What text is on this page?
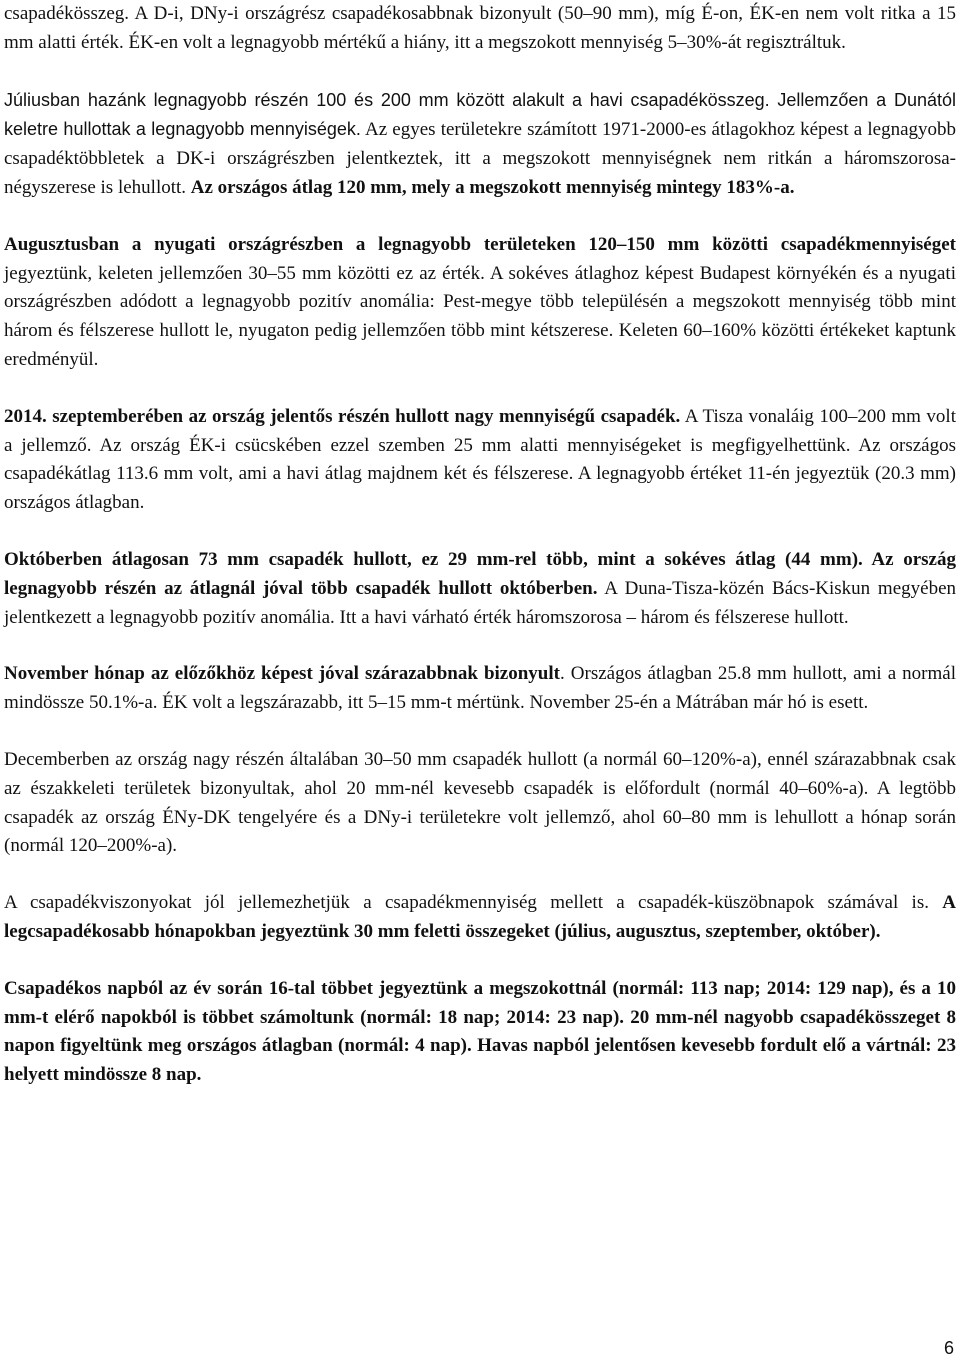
csapadékösszeg. A D-i, DNy-i országrész csapadékosabbnak bizonyult (50–90 mm), míg É-on, ÉK-en nem volt ritka a 15 mm alatti érték. ÉK-en volt a legnagyobb mértékű a hiány, itt a megszokott mennyiség 5–30%-át regisztráltuk.

Júliusban hazánk legnagyobb részén 100 és 200 mm között alakult a havi csapadékösszeg. Jellemzően a Dunától keletre hullottak a legnagyobb mennyiségek. Az egyes területekre számított 1971-2000-es átlagokhoz képest a legnagyobb csapadéktöbbletek a DK-i országrészben jelentkeztek, itt a megszokott mennyiségnek nem ritkán a háromszorosa-négyszerese is lehullott. Az országos átlag 120 mm, mely a megszokott mennyiség mintegy 183%-a.

Augusztusban a nyugati országrészben a legnagyobb területeken 120–150 mm közötti csapadékmennyiséget jegyeztünk, keleten jellemzően 30–55 mm közötti ez az érték. A sokéves átlaghoz képest Budapest környékén és a nyugati országrészben adódott a legnagyobb pozitív anomália: Pest-megye több településén a megszokott mennyiség több mint három és félszerese hullott le, nyugaton pedig jellemzően több mint kétszerese. Keleten 60–160% közötti értékeket kaptunk eredményül.

2014. szeptemberében az ország jelentős részén hullott nagy mennyiségű csapadék. A Tisza vonaláig 100–200 mm volt a jellemző. Az ország ÉK-i csücskében ezzel szemben 25 mm alatti mennyiségeket is megfigyelhettünk. Az országos csapadékátlag 113.6 mm volt, ami a havi átlag majdnem két és félszerese. A legnagyobb értéket 11-én jegyeztük (20.3 mm) országos átlagban.

Októberben átlagosan 73 mm csapadék hullott, ez 29 mm-rel több, mint a sokéves átlag (44 mm). Az ország legnagyobb részén az átlagnál jóval több csapadék hullott októberben. A Duna-Tisza-közén Bács-Kiskun megyében jelentkezett a legnagyobb pozitív anomália. Itt a havi várható érték háromszorosa – három és félszerese hullott.

November hónap az előzőkhöz képest jóval szárazabbnak bizonyult. Országos átlagban 25.8 mm hullott, ami a normál mindössze 50.1%-a. ÉK volt a legszárazabb, itt 5–15 mm-t mértünk. November 25-én a Mátrában már hó is esett.

Decemberben az ország nagy részén általában 30–50 mm csapadék hullott (a normál 60–120%-a), ennél szárazabbnak csak az északkeleti területek bizonyultak, ahol 20 mm-nél kevesebb csapadék is előfordult (normál 40–60%-a). A legtöbb csapadék az ország ÉNy-DK tengelyére és a DNy-i területekre volt jellemző, ahol 60–80 mm is lehullott a hónap során (normál 120–200%-a).

A csapadékviszonyokat jól jellemezhetjük a csapadékmennyiség mellett a csapadék-küszöbnapok számával is. A legcsapadékosabb hónapokban jegyeztünk 30 mm feletti összegeket (július, augusztus, szeptember, október).

Csapadékos napból az év során 16-tal többet jegyeztünk a megszokottnál (normál: 113 nap; 2014: 129 nap), és a 10 mm-t elérő napokból is többet számoltunk (normál: 18 nap; 2014: 23 nap). 20 mm-nél nagyobb csapadékösszeget 8 napon figyeltünk meg országos átlagban (normál: 4 nap). Havas napból jelentősen kevesebb fordult elő a vártnál: 23 helyett mindössze 8 nap.

6
